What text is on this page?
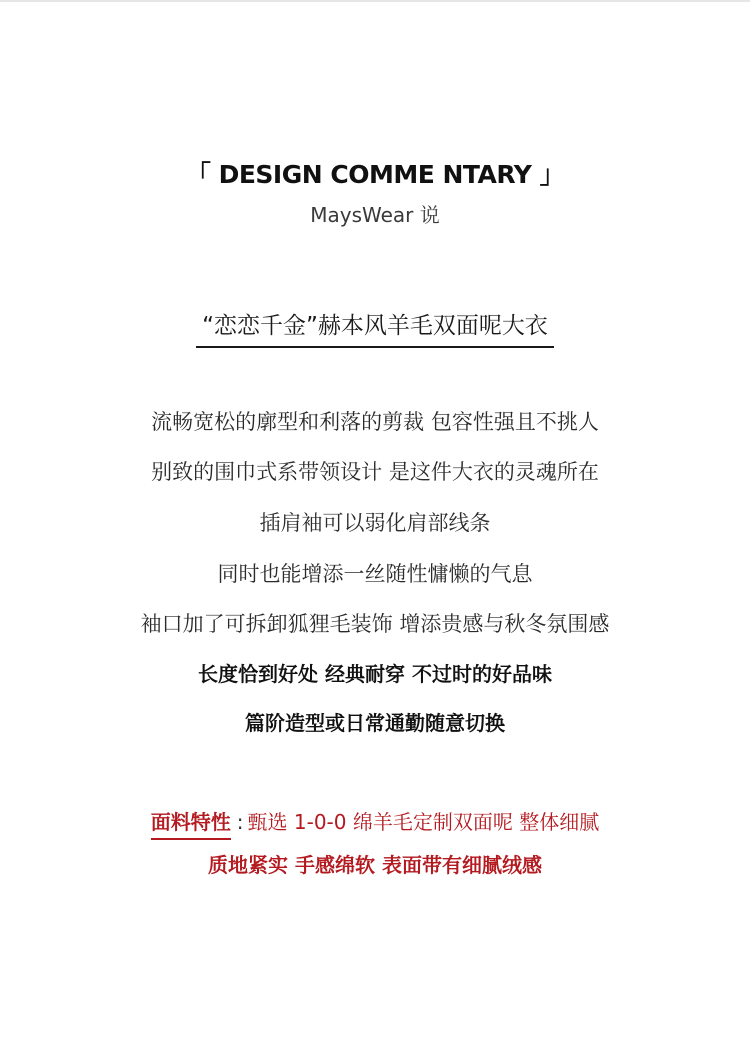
「 DESIGN COMME NTARY 」
MaysWear 说
“恋恋千金”赫本风羊毛双面呢大衣
流畅宽松的廓型和利落的剪裁 包容性强且不挑人
别致的围巾式系带领设计 是这件大衣的灵魂所在
插肩袖可以弱化肩部线条
同时也能增添一丝随性慵懒的气息
袖口加了可拆卸狐狸毛装饰 增添贵感与秋冬氛围感
长度恰到好处 经典耐穿 不过时的好品味
篇阶造型或日常通勤随意切换
面料特性 : 甄选 1-0-0 绵羊毛定制双面呢 整体细腻
质地紧实 手感绵软 表面带有细腻绒感
